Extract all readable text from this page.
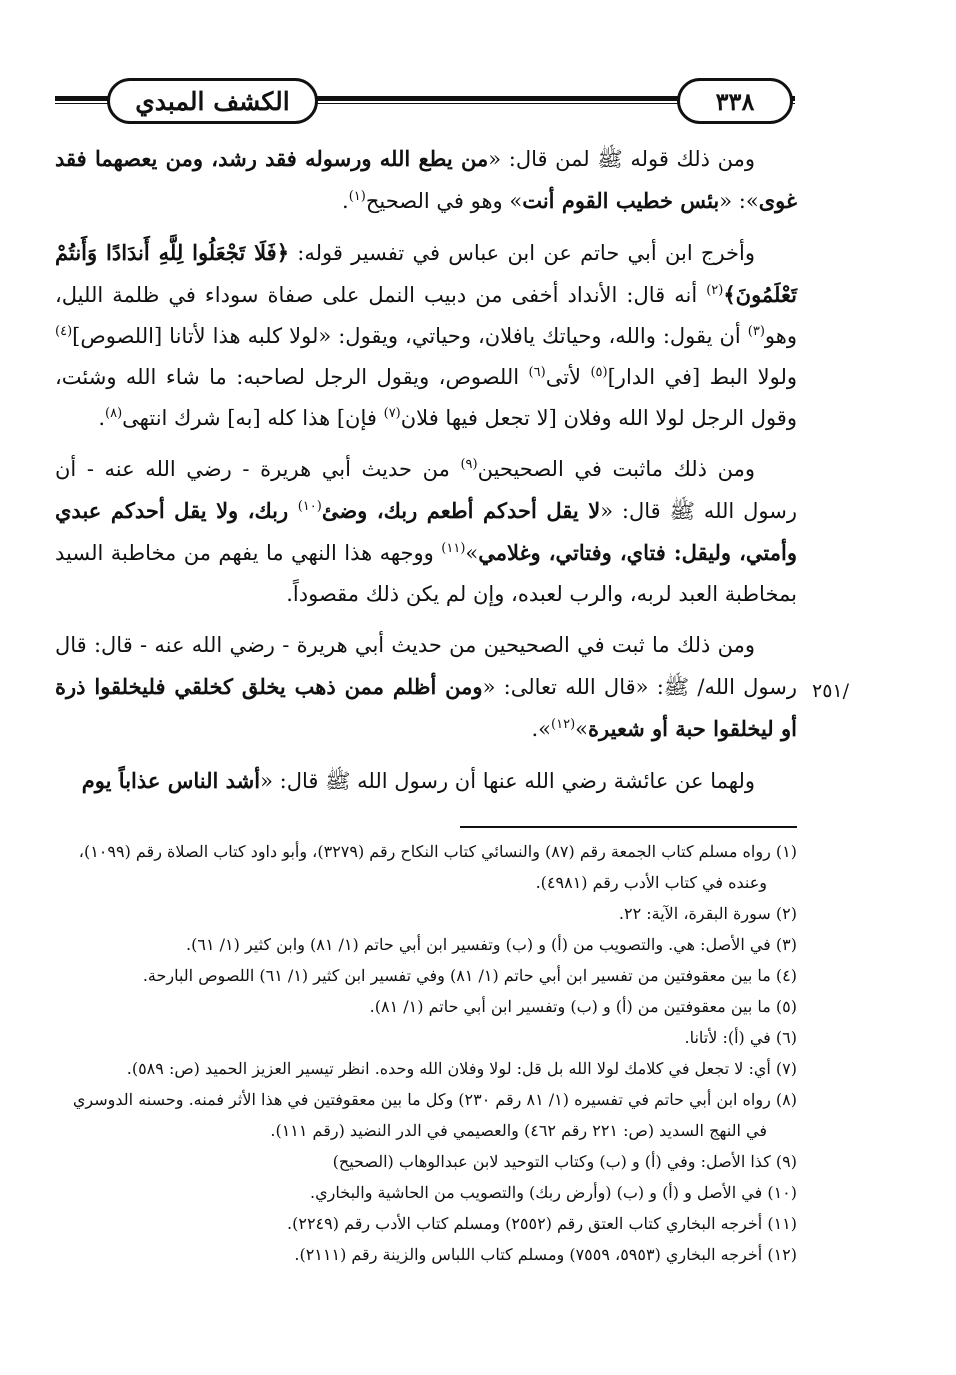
الكشف المبدي	٣٣٨

ومن ذلك قوله ﷺ لمن قال: «من يطع الله ورسوله فقد رشد، ومن يعصهما فقد غوى»: «بئس خطيب القوم أنت» وهو في الصحيح$^{(١)}$.

وأخرج ابن أبي حاتم عن ابن عباس في تفسير قوله: ﴿فَلَا تَجْعَلُوا لِلَّهِ أَندَادًا وَأَنتُمْ تَعْلَمُونَ﴾$^{(٢)}$ أنه قال: الأنداد أخفى من دبيب النمل على صفاة سوداء في ظلمة الليل، وهو$^{(٣)}$ أن يقول: والله، وحياتك يافلان، وحياتي، ويقول: «لولا كلبه هذا لأتانا [اللصوص]$^{(٤)}$ ولولا البط [في الدار]$^{(٥)}$ لأتى$^{(٦)}$ اللصوص، ويقول الرجل لصاحبه: ما شاء الله وشئت، وقول الرجل لولا الله وفلان [لا تجعل فيها فلان$^{(٧)}$ فإن] هذا كله [به] شرك انتهى$^{(٨)}$.

ومن ذلك ماثبت في الصحيحين$^{(٩)}$ من حديث أبي هريرة - رضي الله عنه - أن رسول الله ﷺ قال: «لا يقل أحدكم أطعم ربك، وضئ$^{(١٠)}$ ربك، ولا يقل أحدكم عبدي وأمتي، وليقل: فتاي، وفتاتي، وغلامي»$^{(١١)}$ ووجهه هذا النهي ما يفهم من مخاطبة السيد بمخاطبة العبد لربه، والرب لعبده، وإن لم يكن ذلك مقصوداً.

ومن ذلك ما ثبت في الصحيحين من حديث أبي هريرة - رضي الله عنه - قال: قال رسول الله/ ﷺ: «قال الله تعالى: «ومن أظلم ممن ذهب يخلق كخلقي فليخلقوا ذرة أو ليخلقوا حبة أو شعيرة»$^{(١٢)}$».

ولهما عن عائشة رضي الله عنها أن رسول الله ﷺ قال: «أشد الناس عذاباً يوم

٢٥١/

(١) رواه مسلم كتاب الجمعة رقم (٨٧) والنسائي كتاب النكاح رقم (٣٢٧٩)، وأبو داود كتاب الصلاة رقم (١٠٩٩)، وعنده في كتاب الأدب رقم (٤٩٨١).

(٢) سورة البقرة، الآية: ٢٢.

(٣) في الأصل: هي. والتصويب من (أ) و (ب) وتفسير ابن أبي حاتم (١/ ٨١) وابن كثير (١/ ٦١).

(٤) ما بين معقوفتين من تفسير ابن أبي حاتم (١/ ٨١) وفي تفسير ابن كثير (١/ ٦١) اللصوص البارحة.

(٥) ما بين معقوفتين من (أ) و (ب) وتفسير ابن أبي حاتم (١/ ٨١).

(٦) في (أ): لأتانا.

(٧) أي: لا تجعل في كلامك لولا الله بل قل: لولا وفلان الله وحده. انظر تيسير العزيز الحميد (ص: ٥٨٩).

(٨) رواه ابن أبي حاتم في تفسيره (١/ ٨١ رقم ٢٣٠) وكل ما بين معقوفتين في هذا الأثر فمنه. وحسنه الدوسري في النهج السديد (ص: ٢٢١ رقم ٤٦٢) والعصيمي في الدر النضيد (رقم ١١١).

(٩) كذا الأصل: وفي (أ) و (ب) وكتاب التوحيد لابن عبدالوهاب (الصحيح)

(١٠) في الأصل و (أ) و (ب) (وأرض ربك) والتصويب من الحاشية والبخاري.

(١١) أخرجه البخاري كتاب العتق رقم (٢٥٥٢) ومسلم كتاب الأدب رقم (٢٢٤٩).

(١٢) أخرجه البخاري (٥٩٥٣، ٧٥٥٩) ومسلم كتاب اللباس والزينة رقم (٢١١١).
